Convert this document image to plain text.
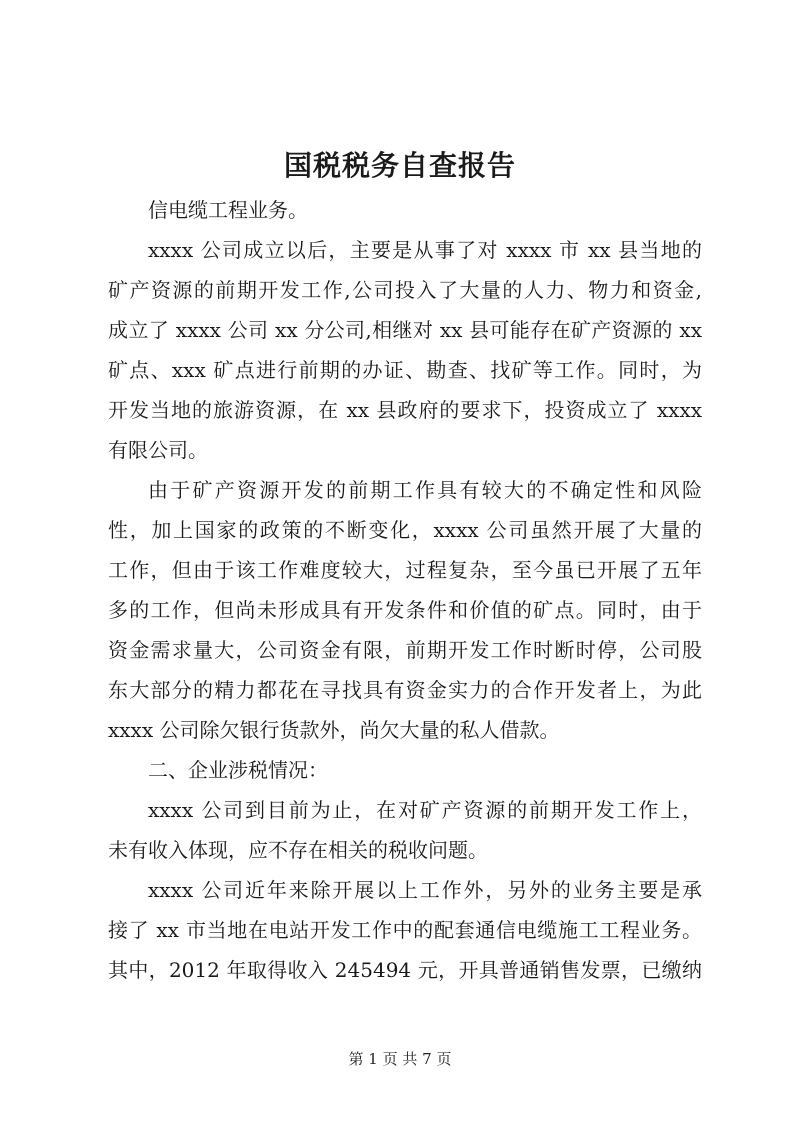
国税税务自查报告
信电缆工程业务。
xxxx 公司成立以后，主要是从事了对 xxxx 市 xx 县当地的
矿产资源的前期开发工作,公司投入了大量的人力、物力和资金,
成立了 xxxx 公司 xx 分公司,相继对 xx 县可能存在矿产资源的 xx
矿点、xxx 矿点进行前期的办证、勘查、找矿等工作。同时，为
开发当地的旅游资源，在 xx 县政府的要求下，投资成立了 xxxx
有限公司。
由于矿产资源开发的前期工作具有较大的不确定性和风险
性，加上国家的政策的不断变化，xxxx 公司虽然开展了大量的
工作，但由于该工作难度较大，过程复杂，至今虽已开展了五年
多的工作，但尚未形成具有开发条件和价值的矿点。同时，由于
资金需求量大，公司资金有限，前期开发工作时断时停，公司股
东大部分的精力都花在寻找具有资金实力的合作开发者上，为此
xxxx 公司除欠银行货款外，尚欠大量的私人借款。
二、企业涉税情况：
xxxx 公司到目前为止，在对矿产资源的前期开发工作上，
未有收入体现，应不存在相关的税收问题。
xxxx 公司近年来除开展以上工作外，另外的业务主要是承
接了 xx 市当地在电站开发工作中的配套通信电缆施工工程业务。
其中，2012 年取得收入 245494 元，开具普通销售发票，已缴纳
第 1 页 共 7 页
